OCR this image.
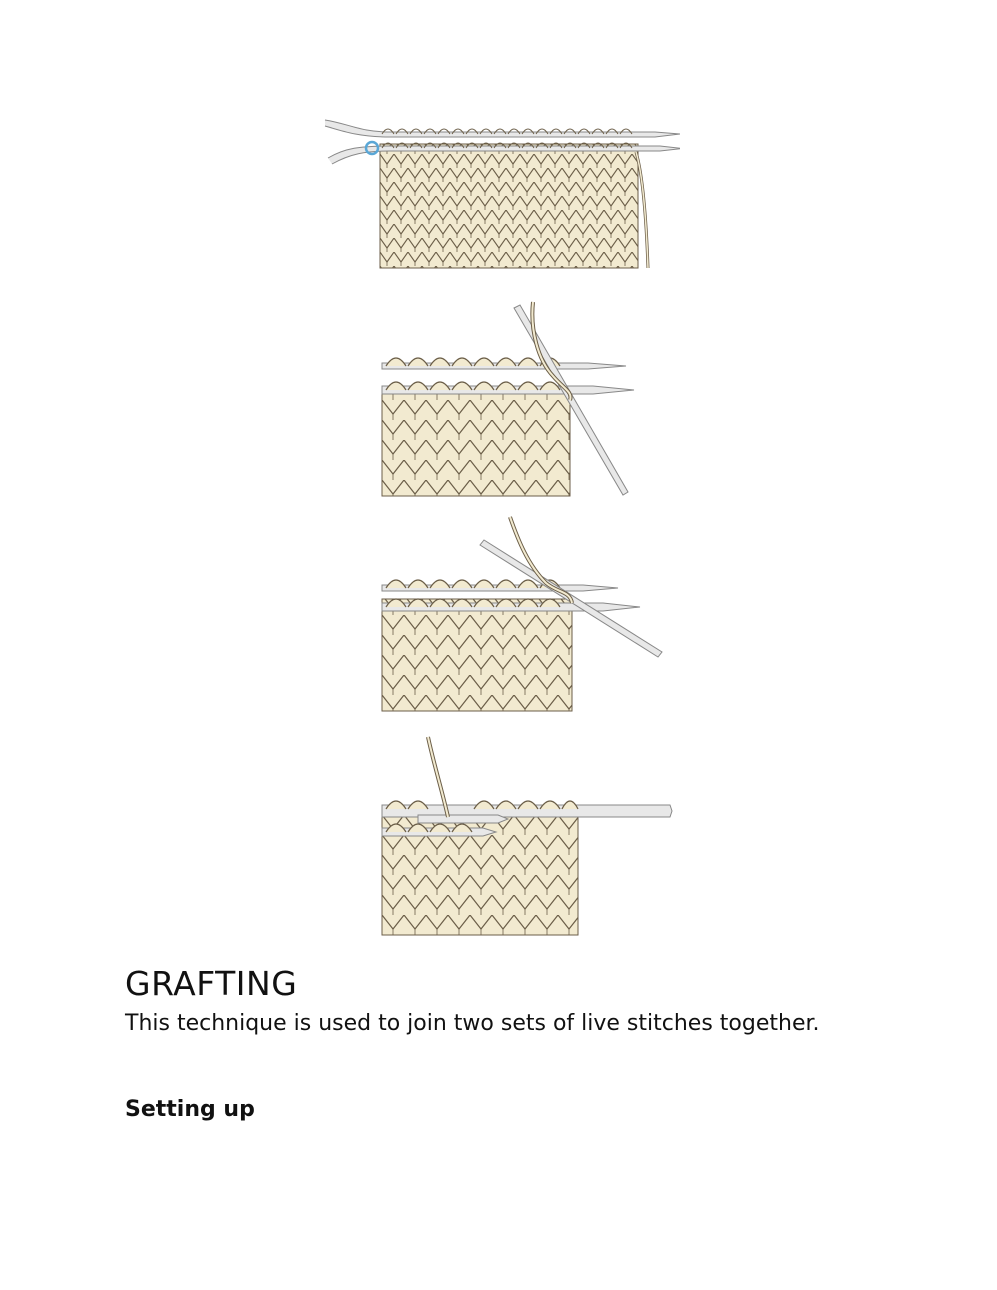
GRAFTING

This technique is used to join two sets of live stitches together.

Setting up
